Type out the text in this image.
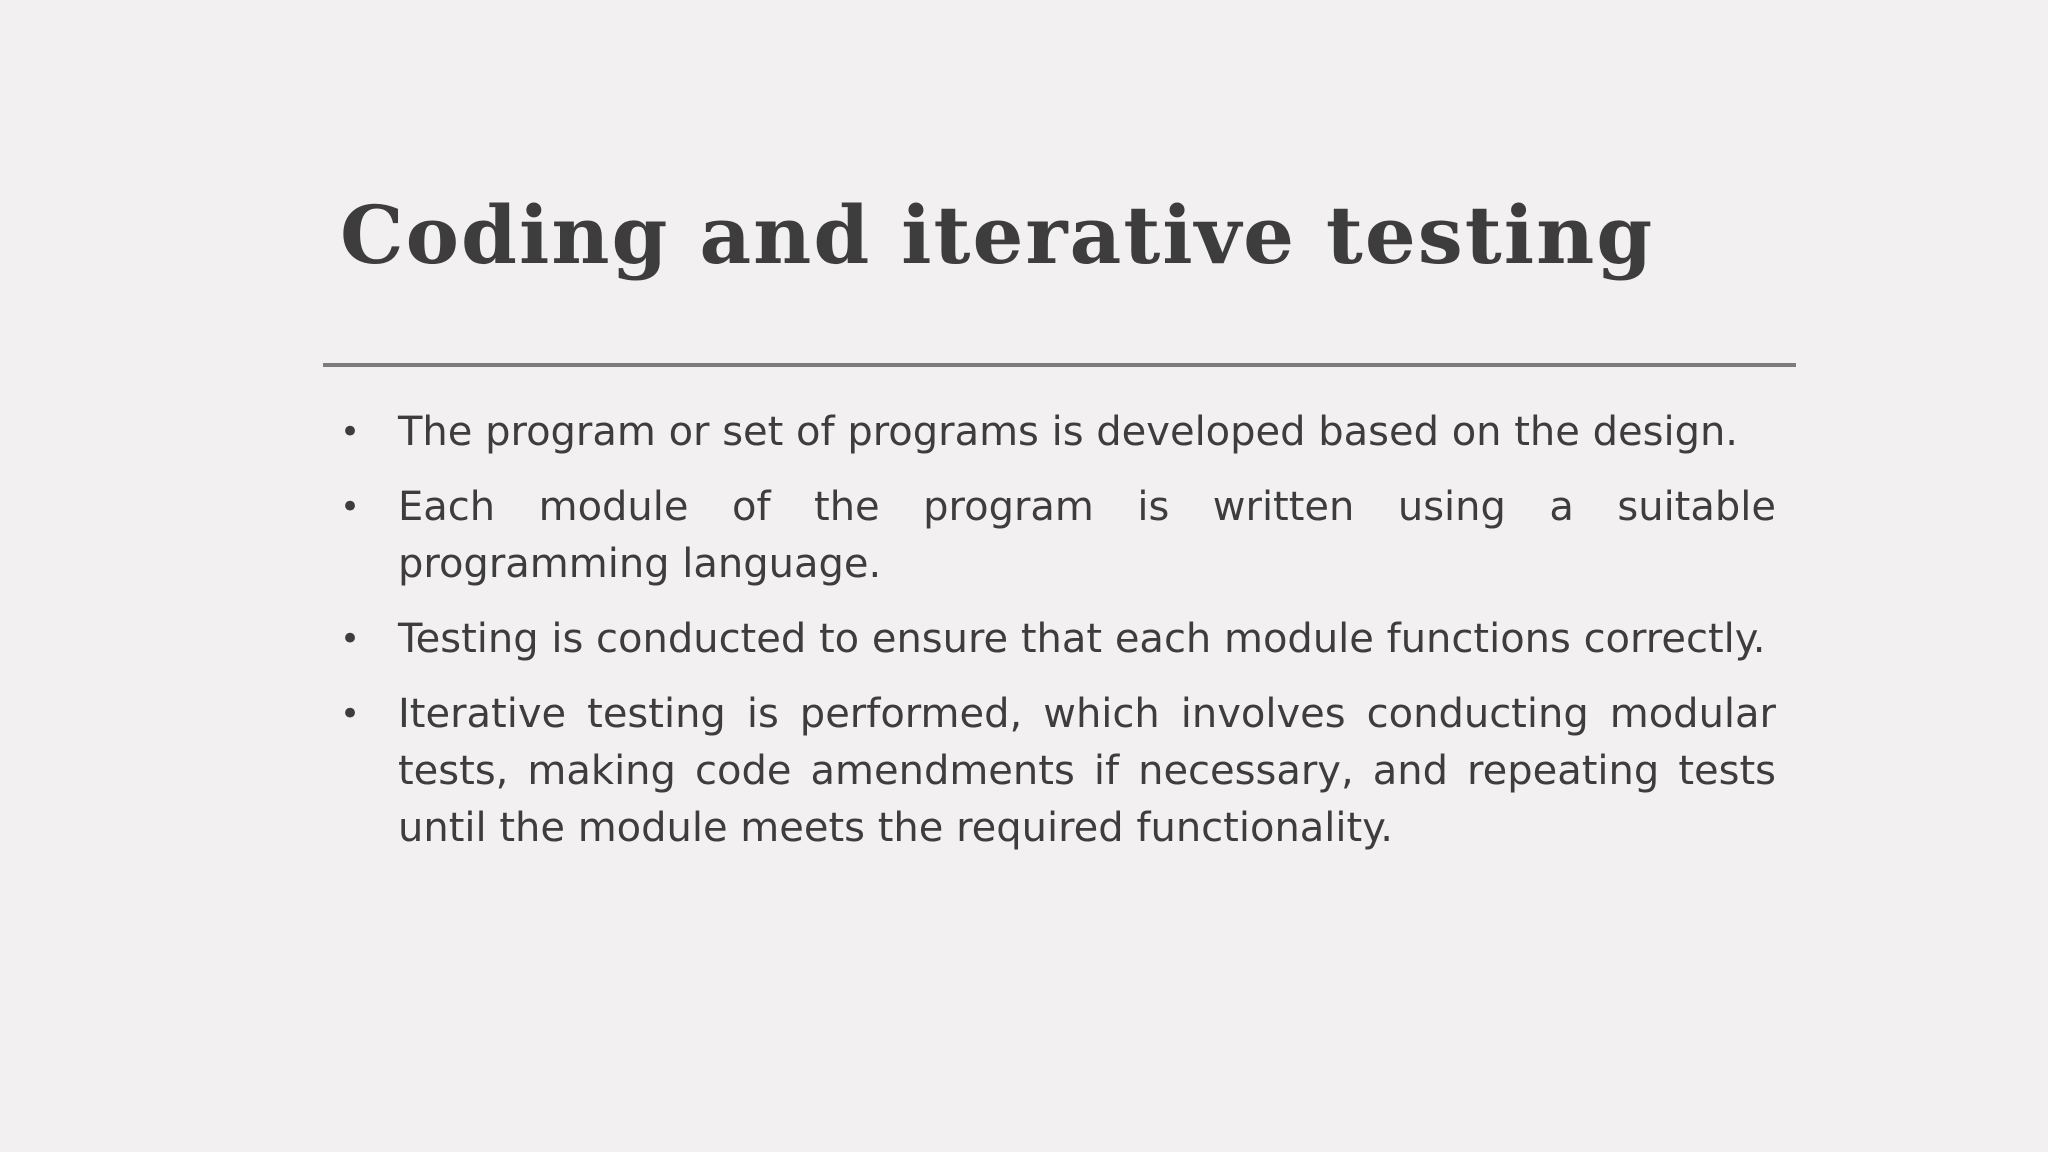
Coding and iterative testing
• The program or set of programs is developed based on the design.
• Each module of the program is written using a suitable programming language.
• Testing is conducted to ensure that each module functions correctly.
• Iterative testing is performed, which involves conducting modular tests, making code amendments if necessary, and repeating tests until the module meets the required functionality.
